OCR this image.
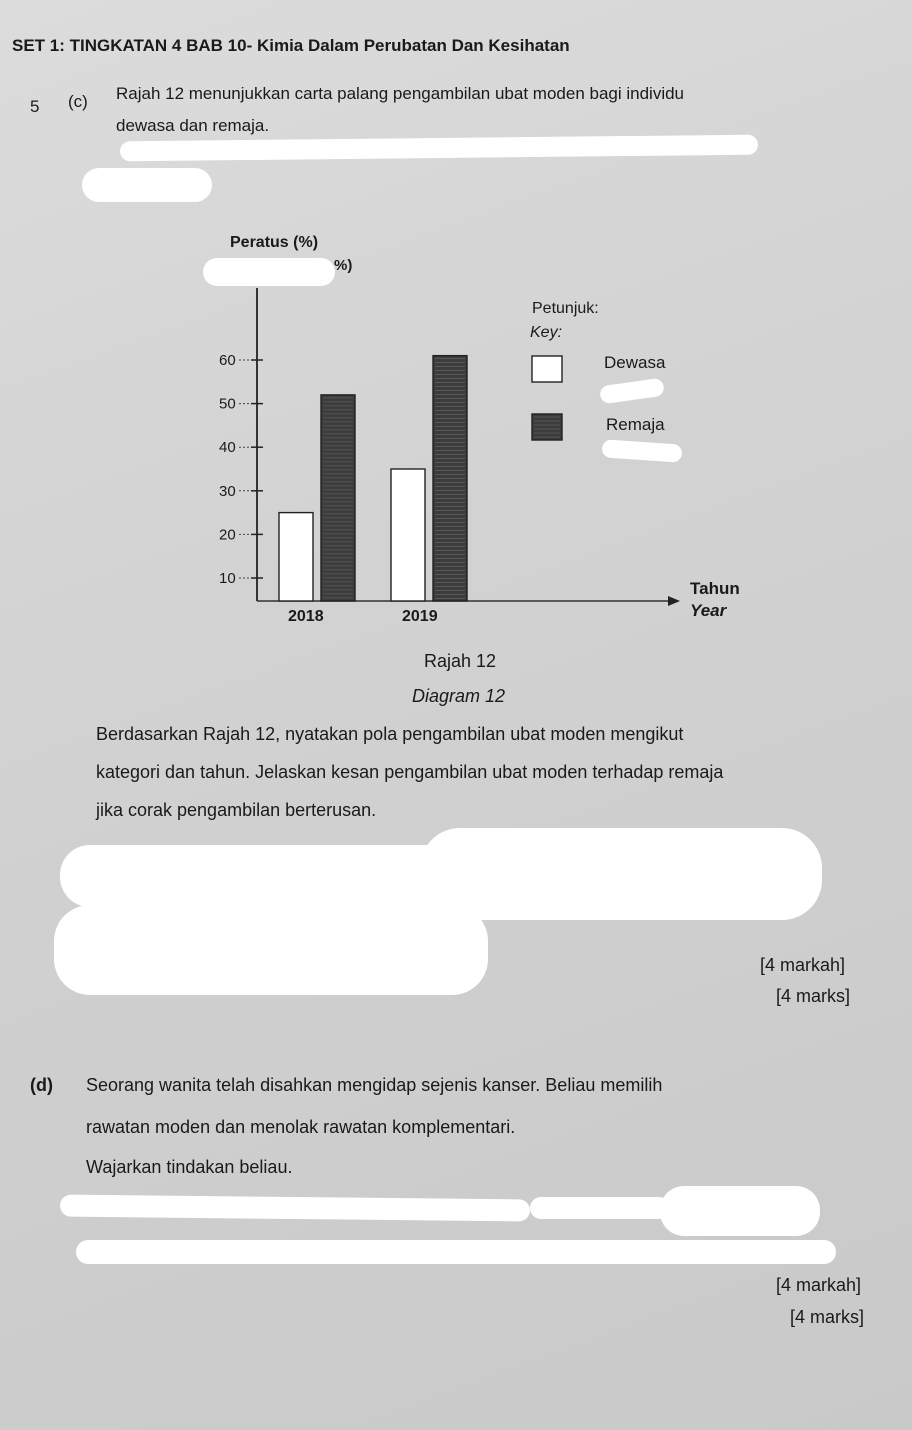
SET 1: TINGKATAN 4 BAB 10- Kimia Dalam Perubatan Dan Kesihatan
5 (c) Rajah 12 menunjukkan carta palang pengambilan ubat moden bagi individu
dewasa dan remaja.
10
20
30
40
50
60
2018	2019
Peratus (%)
%)
Petunjuk:
Key:
Dewasa
Remaja
Tahun
Year
Rajah 12
Diagram 12
Berdasarkan Rajah 12, nyatakan pola pengambilan ubat moden mengikut
kategori dan tahun. Jelaskan kesan pengambilan ubat moden terhadap remaja
jika corak pengambilan berterusan.
[4 markah]
[4 marks]
(d) Seorang wanita telah disahkan mengidap sejenis kanser. Beliau memilih
rawatan moden dan menolak rawatan komplementari.
Wajarkan tindakan beliau.
[4 markah]
[4 marks]
